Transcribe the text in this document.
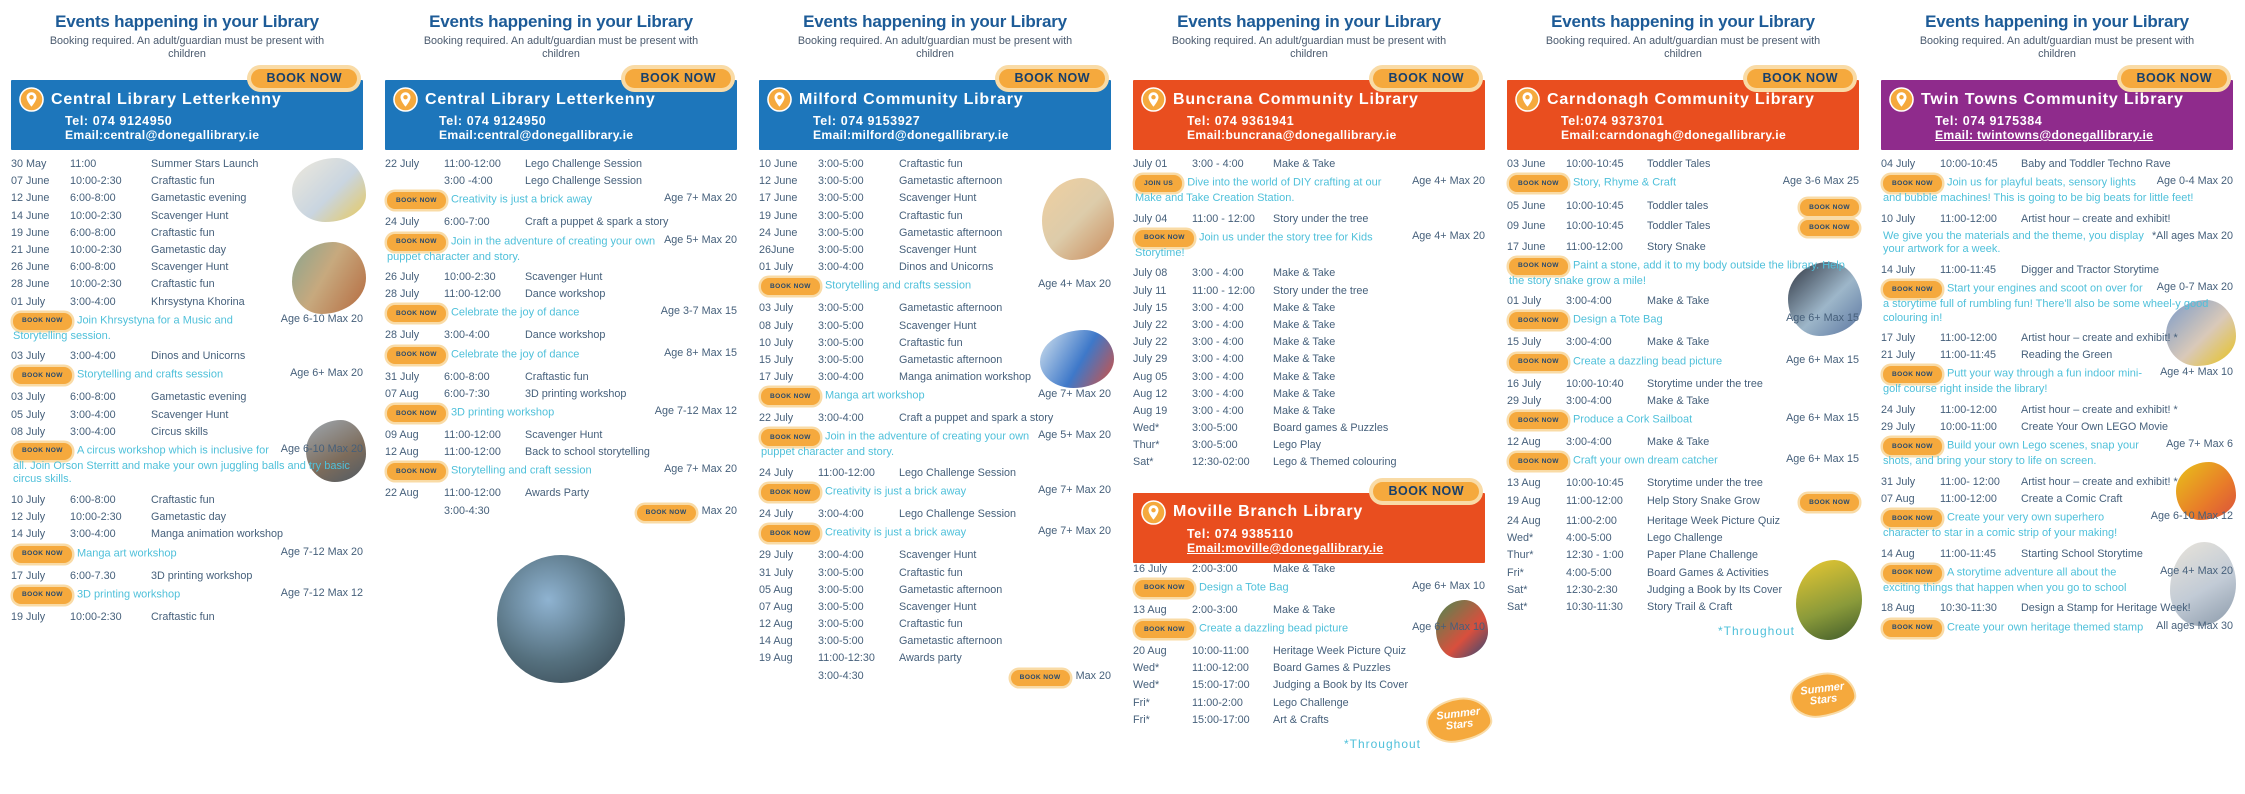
Events happening in your Library
Booking required. An adult/guardian must be present with children
BOOK NOW
Central Library Letterkenny
Tel: 074 9124950
Email:central@donegallibrary.ie
30 May	11:00	Summer Stars Launch
07 June	10:00-2:30	Craftastic fun
12 June	6:00-8:00	Gametastic evening
14 June	10:00-2:30	Scavenger Hunt
19 June	6:00-8:00	Craftastic fun
21 June	10:00-2:30	Gametastic day
26 June	6:00-8:00	Scavenger Hunt
28 June	10:00-2:30	Craftastic fun
01 July	3:00-4:00	Khrsystyna Khorina
BOOK NOW	Age 6-10 Max 20
Join Khrsystyna for a Music and Storytelling session.
03 July	3:00-4:00	Dinos and Unicorns
BOOK NOW	Age 6+ Max 20
Storytelling and crafts session
03 July	6:00-8:00	Gametastic evening
05 July	3:00-4:00	Scavenger Hunt
08 July	3:00-4:00	Circus skills
BOOK NOW	Age 6-10 Max 20
A circus workshop which is inclusive for all. Join Orson Sterritt and make your own juggling balls and try basic circus skills.
10 July	6:00-8:00	Craftastic fun
12 July	10:00-2:30	Gametastic day
14 July	3:00-4:00	Manga animation workshop
BOOK NOW	Age 7-12 Max 20
Manga art workshop
17 July	6:00-7.30	3D printing workshop
BOOK NOW	Age 7-12 Max 12
3D printing workshop
19 July	10:00-2:30	Craftastic fun
Events happening in your Library
Booking required. An adult/guardian must be present with children
BOOK NOW
Central Library Letterkenny
Tel: 074 9124950
Email:central@donegallibrary.ie
22 July	11:00-12:00	Lego Challenge Session
3:00 -4:00	Lego Challenge Session
BOOK NOW	Age 7+ Max 20
Creativity is just a brick away
24 July	6:00-7:00	Craft a puppet & spark a story
BOOK NOW	Age 5+ Max 20
Join in the adventure of creating your own puppet character and story.
26 July	10:00-2:30	Scavenger Hunt
28 July	11:00-12:00	Dance workshop
BOOK NOW	Age 3-7 Max 15
Celebrate the joy of dance
28 July	3:00-4:00	Dance workshop
BOOK NOW	Age 8+ Max 15
Celebrate the joy of dance
31 July	6:00-8:00	Craftastic fun
07 Aug	6:00-7:30	3D printing workshop
BOOK NOW	Age 7-12 Max 12
3D printing workshop
09 Aug	11:00-12:00	Scavenger Hunt
12 Aug	11:00-12:00	Back to school storytelling
BOOK NOW	Age 7+ Max 20
Storytelling and craft session
22 Aug	11:00-12:00	Awards Party
3:00-4:30	BOOK NOW	Max 20
Events happening in your Library
Booking required. An adult/guardian must be present with children
BOOK NOW
Milford Community Library
Tel: 074 9153927
Email:milford@donegallibrary.ie
10 June	3:00-5:00	Craftastic fun
12 June	3:00-5:00	Gametastic afternoon
17 June	3:00-5:00	Scavenger Hunt
19 June	3:00-5:00	Craftastic fun
24 June	3:00-5:00	Gametastic afternoon
26June	3:00-5:00	Scavenger Hunt
01 July	3:00-4:00	Dinos and Unicorns
BOOK NOW	Age 4+ Max 20
Storytelling and crafts session
03 July	3:00-5:00	Gametastic afternoon
08 July	3:00-5:00	Scavenger Hunt
10 July	3:00-5:00	Craftastic fun
15 July	3:00-5:00	Gametastic afternoon
17 July	3:00-4:00	Manga animation workshop
BOOK NOW	Age 7+ Max 20
Manga art workshop
22 July	3:00-4:00	Craft a puppet and spark a story
BOOK NOW	Age 5+ Max 20
Join in the adventure of creating your own puppet character and story.
24 July	11:00-12:00	Lego Challenge Session
BOOK NOW	Age 7+ Max 20
Creativity is just a brick away
24 July	3:00-4:00	Lego Challenge Session
BOOK NOW	Age 7+ Max 20
Creativity is just a brick away
29 July	3:00-4:00	Scavenger Hunt
31 July	3:00-5:00	Craftastic fun
05 Aug	3:00-5:00	Gametastic afternoon
07 Aug	3:00-5:00	Scavenger Hunt
12 Aug	3:00-5:00	Craftastic fun
14 Aug	3:00-5:00	Gametastic afternoon
19 Aug	11:00-12:30	Awards party
3:00-4:30	BOOK NOW	Max 20
Events happening in your Library
Booking required. An adult/guardian must be present with children
BOOK NOW
Buncrana Community Library
Tel: 074 9361941
Email:buncrana@donegallibrary.ie
July 01	3:00 - 4:00	Make & Take
JOIN US	Age 4+ Max 20
Dive into the world of DIY crafting at our Make and Take Creation Station.
July 04	11:00 - 12:00	Story under the tree
BOOK NOW	Age 4+ Max 20
Join us under the story tree for Kids Storytime!
July 08	3:00 - 4:00	Make & Take
July 11	11:00 - 12:00	Story under the tree
July 15	3:00 - 4:00	Make & Take
July 22	3:00 - 4:00	Make & Take
July 22	3:00 - 4:00	Make & Take
July 29	3:00 - 4:00	Make & Take
Aug 05	3:00 - 4:00	Make & Take
Aug 12	3:00 - 4:00	Make & Take
Aug 19	3:00 - 4:00	Make & Take
Wed*	3:00-5:00	Board games & Puzzles
Thur*	3:00-5:00	Lego Play
Sat*	12:30-02:00	Lego & Themed colouring
BOOK NOW
Moville Branch Library
Tel: 074 9385110
Email:moville@donegallibrary.ie
16 July	2:00-3:00	Make & Take
BOOK NOW	Age 6+ Max 10
Design a Tote Bag
13 Aug	2:00-3:00	Make & Take
BOOK NOW	Age 6+ Max 10
Create a dazzling bead picture
20 Aug	10:00-11:00	Heritage Week Picture Quiz
Wed*	11:00-12:00	Board Games & Puzzles
Wed*	15:00-17:00	Judging a Book by Its Cover
Fri*	11:00-2:00	Lego Challenge
Fri*	15:00-17:00	Art & Crafts
*Throughout
Summer Stars
Events happening in your Library
Booking required. An adult/guardian must be present with children
BOOK NOW
Carndonagh Community Library
Tel:074 9373701
Email:carndonagh@donegallibrary.ie
03 June	10:00-10:45	Toddler Tales
BOOK NOW	Age 3-6 Max 25
Story, Rhyme & Craft
05 June	10:00-10:45	Toddler tales	BOOK NOW
09 June	10:00-10:45	Toddler Tales	BOOK NOW
17 June	11:00-12:00	Story Snake
BOOK NOW Paint a stone, add it to my body outside the library. Help the story snake grow a mile!
01 July	3:00-4:00	Make & Take
BOOK NOW	Age 6+ Max 15
Design a Tote Bag
15 July	3:00-4:00	Make & Take
BOOK NOW	Age 6+ Max 15
Create a dazzling bead picture
16 July	10:00-10:40	Storytime under the tree
29 July	3:00-4:00	Make & Take
BOOK NOW	Age 6+ Max 15
Produce a Cork Sailboat
12 Aug	3:00-4:00	Make & Take
BOOK NOW	Age 6+ Max 15
Craft your own dream catcher
13 Aug	10:00-10:45	Storytime under the tree
19 Aug	11:00-12:00	Help Story Snake Grow	BOOK NOW
24 Aug	11:00-2:00	Heritage Week Picture Quiz
Wed*	4:00-5:00	Lego Challenge
Thur*	12:30 - 1:00	Paper Plane Challenge
Fri*	4:00-5:00	Board Games & Activities
Sat*	12:30-2:30	Judging a Book by Its Cover
Sat*	10:30-11:30	Story Trail & Craft
*Throughout
Summer Stars
Events happening in your Library
Booking required. An adult/guardian must be present with children
BOOK NOW
Twin Towns Community Library
Tel: 074 9175384
Email: twintowns@donegallibrary.ie
04 July	10:00-10:45	Baby and Toddler Techno Rave
BOOK NOW	Age 0-4 Max 20
Join us for playful beats, sensory lights and bubble machines! This is going to be big beats for little feet!
10 July	11:00-12:00	Artist hour – create and exhibit!
*All ages Max 20
We give you the materials and the theme, you display your artwork for a week.
14 July	11:00-11:45	Digger and Tractor Storytime
BOOK NOW	Age 0-7 Max 20
Start your engines and scoot on over for a storytime full of rumbling fun! There'll also be some wheel-y good colouring in!
17 July	11:00-12:00	Artist hour – create and exhibit! *
21 July	11:00-11:45	Reading the Green
BOOK NOW	Age 4+ Max 10
Putt your way through a fun indoor mini-golf course right inside the library!
24 July	11:00-12:00	Artist hour – create and exhibit! *
29 July	10:00-11:00	Create Your Own LEGO Movie
BOOK NOW	Age 7+ Max 6
Build your own Lego scenes, snap your shots, and bring your story to life on screen.
31 July	11:00- 12:00	Artist hour – create and exhibit! *
07 Aug	11:00-12:00	Create a Comic Craft
BOOK NOW	Age 6-10 Max 12
Create your very own superhero character to star in a comic strip of your making!
14 Aug	11:00-11:45	Starting School Storytime
BOOK NOW	Age 4+ Max 20
A storytime adventure all about the exciting things that happen when you go to school
18 Aug	10:30-11:30	Design a Stamp for Heritage Week!
BOOK NOW	All ages Max 30
Create your own heritage themed stamp
